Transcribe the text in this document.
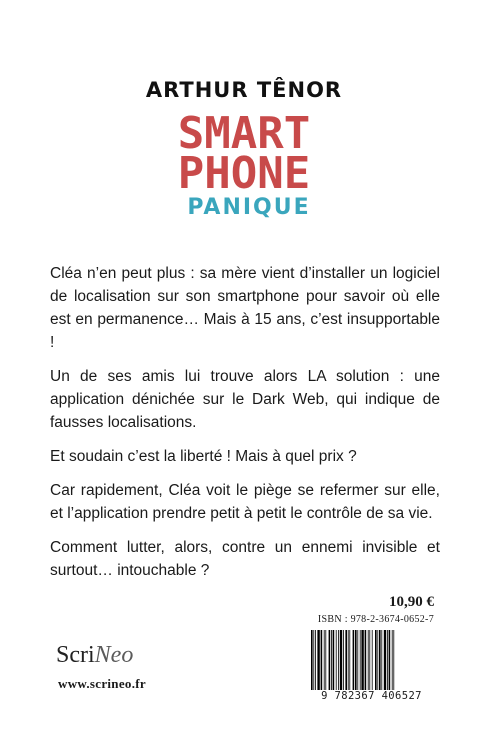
ARTHUR TÊNOR
SMART
PHONE
PANIQUE

Cléa n’en peut plus : sa mère vient d’installer un logiciel de localisation sur son smartphone pour savoir où elle est en permanence… Mais à 15 ans, c’est insupportable !

Un de ses amis lui trouve alors LA solution : une application dénichée sur le Dark Web, qui indique de fausses localisations.

Et soudain c’est la liberté ! Mais à quel prix ?

Car rapidement, Cléa voit le piège se refermer sur elle, et l’application prendre petit à petit le contrôle de sa vie.

Comment lutter, alors, contre un ennemi invisible et surtout… intouchable ?

10,90 €
ISBN : 978-2-3674-0652-7
9 782367 406527
ScriNeo
www.scrineo.fr
